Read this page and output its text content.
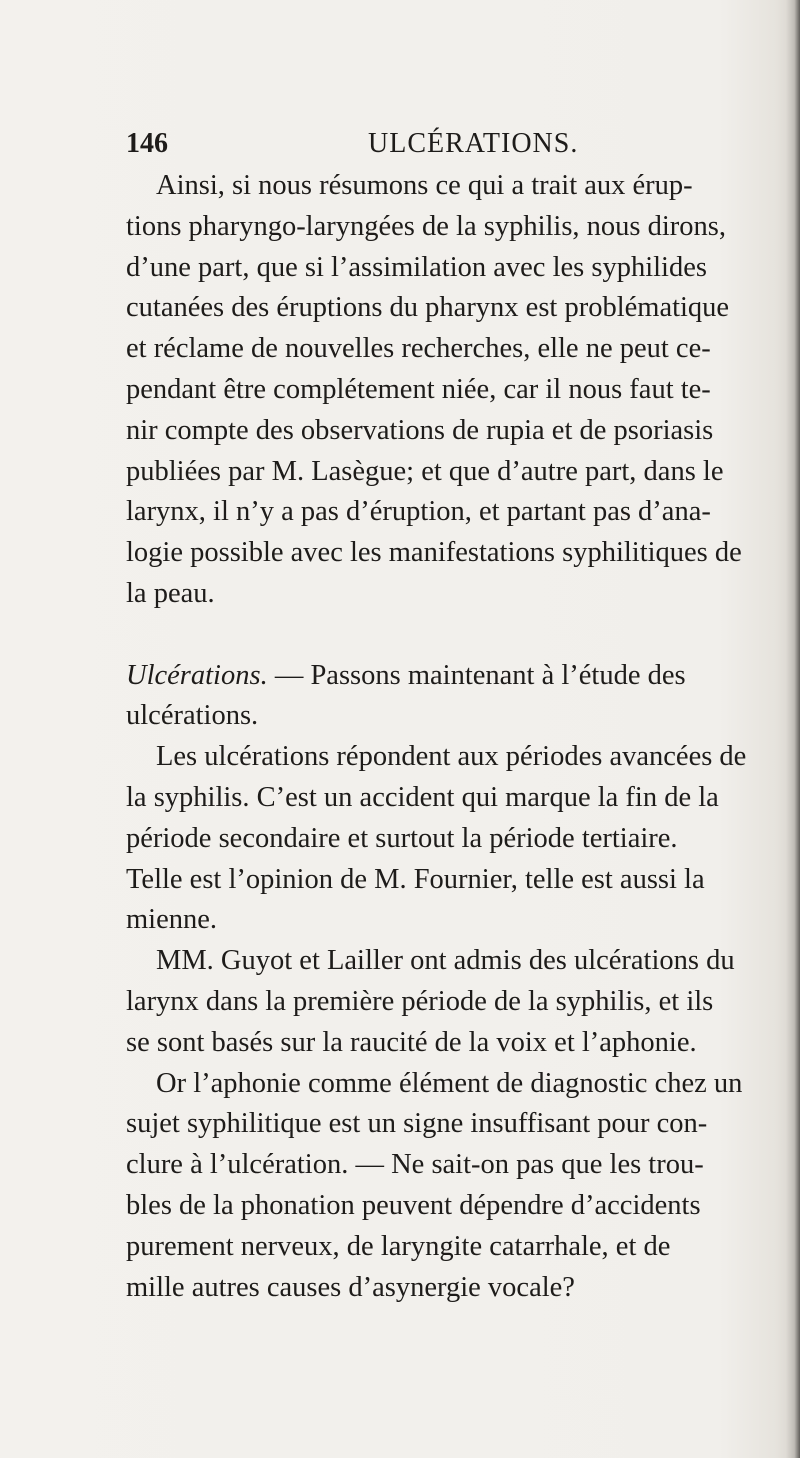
146	ULCÉRATIONS.
Ainsi, si nous résumons ce qui a trait aux érup-
tions pharyngo-laryngées de la syphilis, nous dirons,
d’une part, que si l’assimilation avec les syphilides
cutanées des éruptions du pharynx est problématique
et réclame de nouvelles recherches, elle ne peut ce-
pendant être complétement niée, car il nous faut te-
nir compte des observations de rupia et de psoriasis
publiées par M. Lasègue; et que d’autre part, dans le
larynx, il n’y a pas d’éruption, et partant pas d’ana-
logie possible avec les manifestations syphilitiques de
la peau.
Ulcérations. — Passons maintenant à l’étude des
ulcérations.
Les ulcérations répondent aux périodes avancées de
la syphilis. C’est un accident qui marque la fin de la
période secondaire et surtout la période tertiaire.
Telle est l’opinion de M. Fournier, telle est aussi la
mienne.
MM. Guyot et Lailler ont admis des ulcérations du
larynx dans la première période de la syphilis, et ils
se sont basés sur la raucité de la voix et l’aphonie.
Or l’aphonie comme élément de diagnostic chez un
sujet syphilitique est un signe insuffisant pour con-
clure à l’ulcération. — Ne sait-on pas que les trou-
bles de la phonation peuvent dépendre d’accidents
purement nerveux, de laryngite catarrhale, et de
mille autres causes d’asynergie vocale?
